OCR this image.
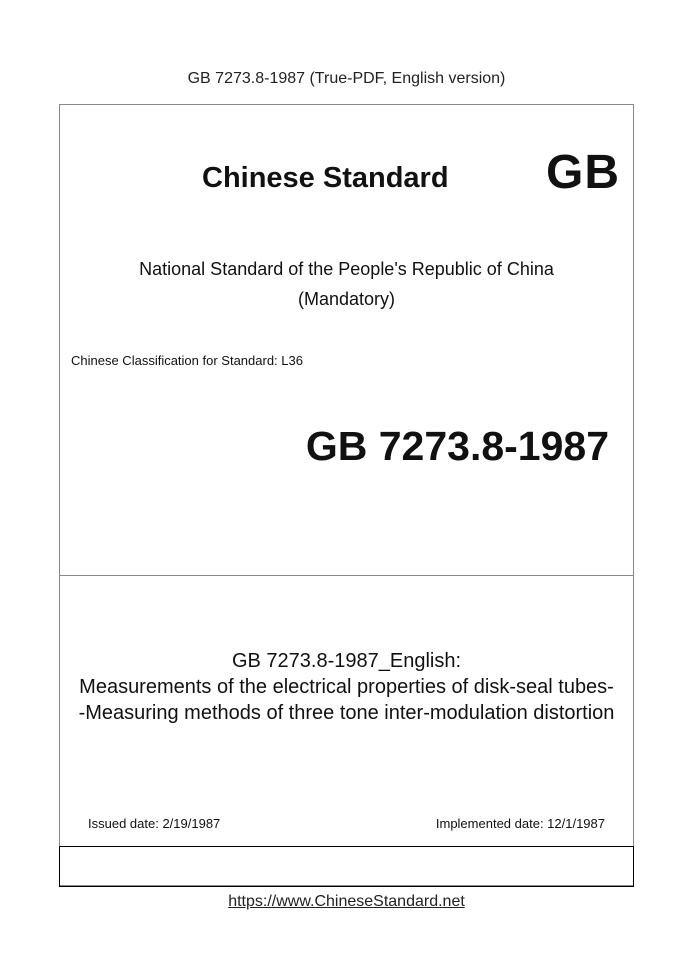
GB 7273.8-1987 (True-PDF, English version)
Chinese Standard GB
National Standard of the People's Republic of China
(Mandatory)
Chinese Classification for Standard: L36
GB 7273.8-1987
GB 7273.8-1987_English:
Measurements of the electrical properties of disk-seal tubes-
-Measuring methods of three tone inter-modulation distortion
Issued date: 2/19/1987	Implemented date: 12/1/1987
https://www.ChineseStandard.net
